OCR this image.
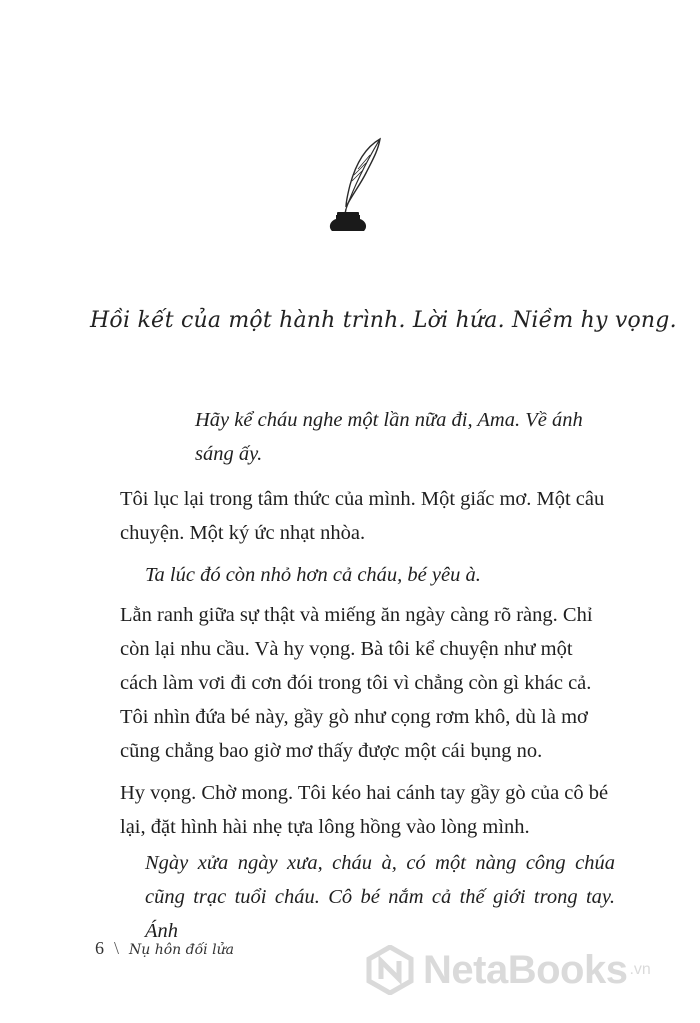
Hồi kết của một hành trình. Lời hứa. Niềm hy vọng.

Hãy kể cháu nghe một lần nữa đi, Ama. Về ánh sáng ấy.

Tôi lục lại trong tâm thức của mình. Một giấc mơ. Một câu chuyện. Một ký ức nhạt nhòa.

Ta lúc đó còn nhỏ hơn cả cháu, bé yêu à.

Lằn ranh giữa sự thật và miếng ăn ngày càng rõ ràng. Chỉ còn lại nhu cầu. Và hy vọng. Bà tôi kể chuyện như một cách làm vơi đi cơn đói trong tôi vì chẳng còn gì khác cả. Tôi nhìn đứa bé này, gầy gò như cọng rơm khô, dù là mơ cũng chẳng bao giờ mơ thấy được một cái bụng no.

Hy vọng. Chờ mong. Tôi kéo hai cánh tay gầy gò của cô bé lại, đặt hình hài nhẹ tựa lông hồng vào lòng mình.

Ngày xửa ngày xưa, cháu à, có một nàng công chúa cũng trạc tuổi cháu. Cô bé nắm cả thế giới trong tay. Ánh

6 \ Nụ hôn đối lửa	NetaBooks .vn
